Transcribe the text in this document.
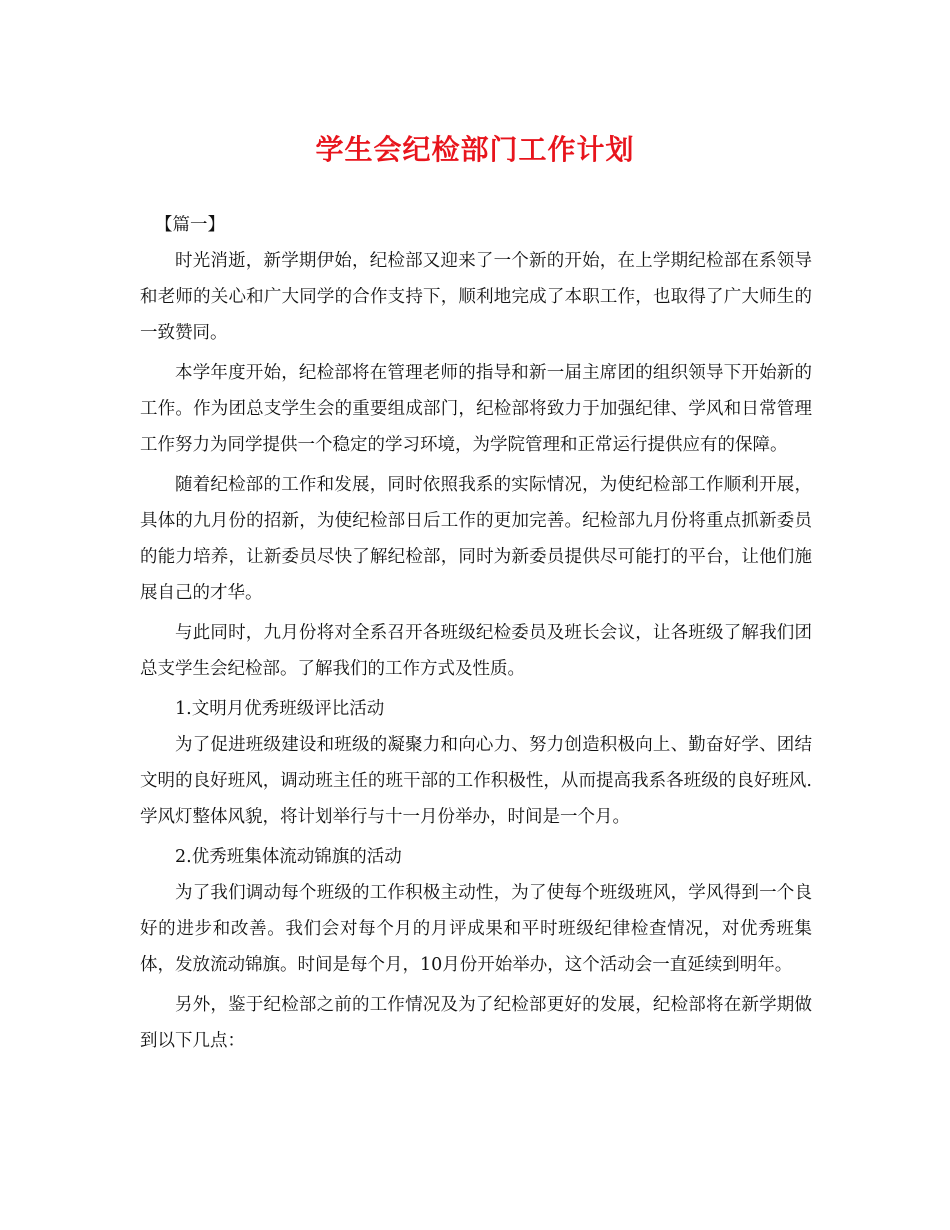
学生会纪检部门工作计划

【篇一】

时光消逝，新学期伊始，纪检部又迎来了一个新的开始，在上学期纪检部在系领导和老师的关心和广大同学的合作支持下，顺利地完成了本职工作，也取得了广大师生的一致赞同。

本学年度开始，纪检部将在管理老师的指导和新一届主席团的组织领导下开始新的工作。作为团总支学生会的重要组成部门，纪检部将致力于加强纪律、学风和日常管理工作努力为同学提供一个稳定的学习环境，为学院管理和正常运行提供应有的保障。

随着纪检部的工作和发展，同时依照我系的实际情况，为使纪检部工作顺利开展，具体的九月份的招新，为使纪检部日后工作的更加完善。纪检部九月份将重点抓新委员的能力培养，让新委员尽快了解纪检部，同时为新委员提供尽可能打的平台，让他们施展自己的才华。

与此同时，九月份将对全系召开各班级纪检委员及班长会议，让各班级了解我们团总支学生会纪检部。了解我们的工作方式及性质。

1.文明月优秀班级评比活动

为了促进班级建设和班级的凝聚力和向心力、努力创造积极向上、勤奋好学、团结文明的良好班风，调动班主任的班干部的工作积极性，从而提高我系各班级的良好班风.学风灯整体风貌，将计划举行与十一月份举办，时间是一个月。

2.优秀班集体流动锦旗的活动

为了我们调动每个班级的工作积极主动性，为了使每个班级班风，学风得到一个良好的进步和改善。我们会对每个月的月评成果和平时班级纪律检查情况，对优秀班集体，发放流动锦旗。时间是每个月，10月份开始举办，这个活动会一直延续到明年。

另外，鉴于纪检部之前的工作情况及为了纪检部更好的发展，纪检部将在新学期做到以下几点：
